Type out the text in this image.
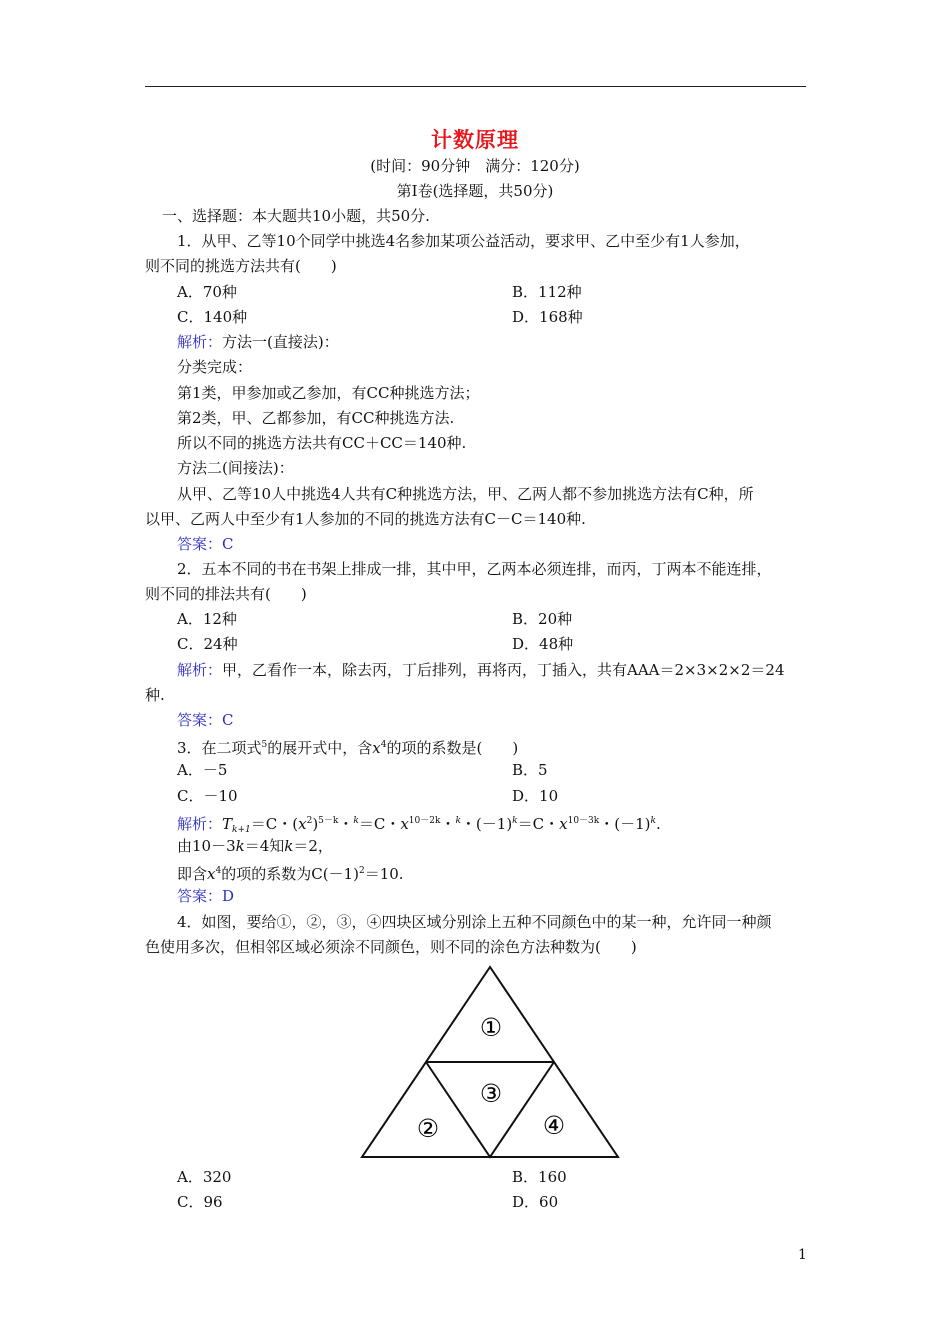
计数原理
(时间：90分钟　满分：120分)
第Ⅰ卷(选择题，共50分)
一、选择题：本大题共10小题，共50分.
1．从甲、乙等10个同学中挑选4名参加某项公益活动，要求甲、乙中至少有1人参加，
则不同的挑选方法共有(　　)
A．70种	B．112种
C．140种	D．168种
解析：方法一(直接法)：
分类完成：
第1类，甲参加或乙参加，有CC种挑选方法；
第2类，甲、乙都参加，有CC种挑选方法.
所以不同的挑选方法共有CC＋CC＝140种.
方法二(间接法)：
从甲、乙等10人中挑选4人共有C种挑选方法，甲、乙两人都不参加挑选方法有C种，所
以甲、乙两人中至少有1人参加的不同的挑选方法有C－C＝140种.
答案：C
2．五本不同的书在书架上排成一排，其中甲，乙两本必须连排，而丙，丁两本不能连排，
则不同的排法共有(　　)
A．12种	B．20种
C．24种	D．48种
解析：甲，乙看作一本，除去丙，丁后排列，再将丙，丁插入，共有AAA＝2×3×2×2＝24
种.
答案：C
3．在二项式$^5$的展开式中，含$x^4$的项的系数是(　　)
A．－5	B．5
C．－10	D．10
解析：$T_{k+1}=C$・$(x^2)^{5-k}$・$^k$＝C・$x^{10-2k}$・$^k$・$(-1)^k=C$・$x^{10-3k}$・$(-1)^k$.
由10－3k＝4知k＝2，
即含$x^4$的项的系数为$C(-1)^2=10$.
答案：D
4．如图，要给①，②，③，④四块区域分别涂上五种不同颜色中的某一种，允许同一种颜
色使用多次，但相邻区域必须涂不同颜色，则不同的涂色方法种数为(　　)
①
②
③
④
A．320	B．160
C．96	D．60
1
